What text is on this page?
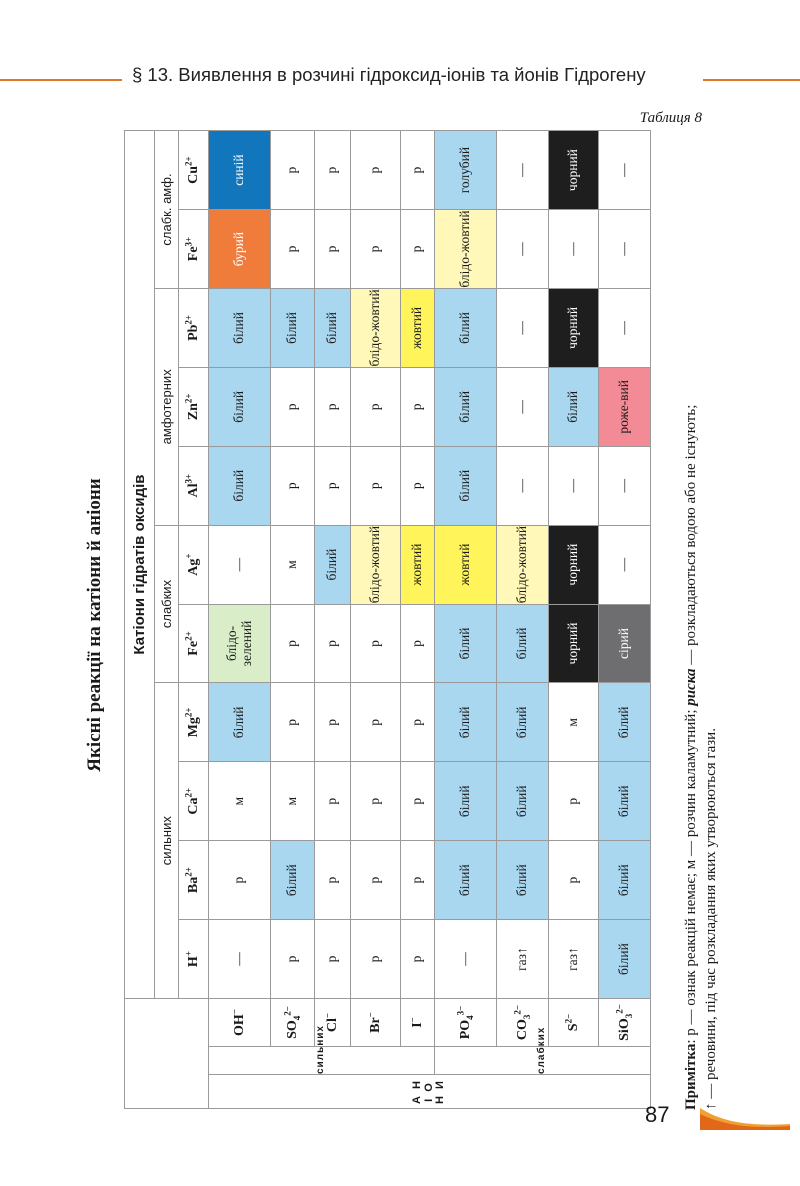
§ 13. Виявлення в розчині гідроксид-іонів та йонів Гідрогену
Таблиця 8
Якісні реакції на катіони й аніони
			Катіони гідратів оксидів										
			сильних				слабких		амфотерних			слабк. амф.	
			H+	$Ba^{2+}$	$Ca^{2+}$	$Mg^{2+}$	$Fe^{2+}$	Ag+	$Al^{3+}$	$Zn^{2+}$	$Pb^{2+}$	$Fe^{3+}$	$Cu^{2+}$
А Н І О Н И	сильних	OH−	—	р	м	білий	блідо-зелений	—	білий	білий	білий	бурий	синій
		$SO_4^{2-}$	р	білий	м	р	р	м	р	р	білий	р	р
		Cl−	р	р	р	р	р	білий	р	р	білий	р	р
		Br−	р	р	р	р	р	блідо-жовтий	р	р	блідо-жовтий	р	р
		I−	р	р	р	р	р	жовтий	р	р	жовтий	р	р
	слабких	$PO_4^{3-}$	—	білий	білий	білий	білий	жовтий	білий	білий	білий	блідо-жовтий	голубий
		$CO_3^{2-}$	газ↑	білий	білий	білий	білий	блідо-жовтий	—	—	—	—	—
		$S^{2-}$	газ↑	р	р	м	чорний	чорний	—	білий	чорний	—	чорний
		SiO$_3^{2-}$	білий	білий	білий	білий	сірий	—	—	роже-вий	—	—	—
Примітка: р — ознак реакцій немає; м — розчин каламутний; риска — розкладаються водою або не існують;
↑ — речовини, під час розкладання яких утворюються гази.
87
